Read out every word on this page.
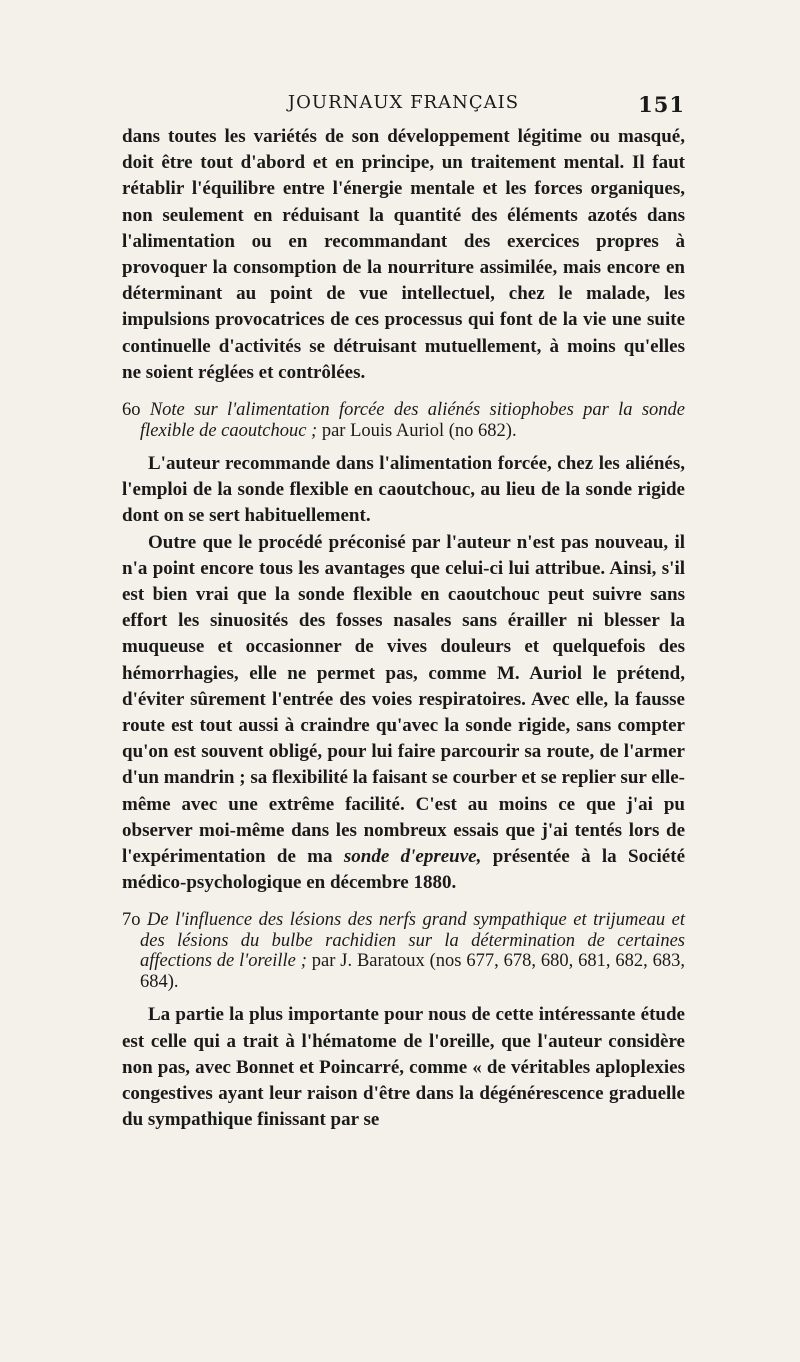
JOURNAUX FRANÇAIS	151

dans toutes les variétés de son développement légitime ou masqué, doit être tout d'abord et en principe, un traitement mental. Il faut rétablir l'équilibre entre l'énergie mentale et les forces organiques, non seulement en réduisant la quantité des éléments azotés dans l'alimentation ou en recommandant des exercices propres à provoquer la consomption de la nourriture assimilée, mais encore en déterminant au point de vue intellectuel, chez le malade, les impulsions provocatrices de ces processus qui font de la vie une suite continuelle d'activités se détruisant mutuellement, à moins qu'elles ne soient réglées et contrôlées.

6o Note sur l'alimentation forcée des aliénés sitiophobes par la sonde flexible de caoutchouc ; par Louis Auriol (no 682).

L'auteur recommande dans l'alimentation forcée, chez les aliénés, l'emploi de la sonde flexible en caoutchouc, au lieu de la sonde rigide dont on se sert habituellement.

Outre que le procédé préconisé par l'auteur n'est pas nouveau, il n'a point encore tous les avantages que celui-ci lui attribue. Ainsi, s'il est bien vrai que la sonde flexible en caoutchouc peut suivre sans effort les sinuosités des fosses nasales sans érailler ni blesser la muqueuse et occasionner de vives douleurs et quelquefois des hémorrhagies, elle ne permet pas, comme M. Auriol le prétend, d'éviter sûrement l'entrée des voies respiratoires. Avec elle, la fausse route est tout aussi à craindre qu'avec la sonde rigide, sans compter qu'on est souvent obligé, pour lui faire parcourir sa route, de l'armer d'un mandrin ; sa flexibilité la faisant se courber et se replier sur elle-même avec une extrême facilité. C'est au moins ce que j'ai pu observer moi-même dans les nombreux essais que j'ai tentés lors de l'expérimentation de ma sonde d'epreuve, présentée à la Société médico-psychologique en décembre 1880.

7o De l'influence des lésions des nerfs grand sympathique et trijumeau et des lésions du bulbe rachidien sur la détermination de certaines affections de l'oreille ; par J. Baratoux (nos 677, 678, 680, 681, 682, 683, 684).

La partie la plus importante pour nous de cette intéressante étude est celle qui a trait à l'hématome de l'oreille, que l'auteur considère non pas, avec Bonnet et Poincarré, comme « de véritables aploplexies congestives ayant leur raison d'être dans la dégénérescence graduelle du sympathique finissant par se
